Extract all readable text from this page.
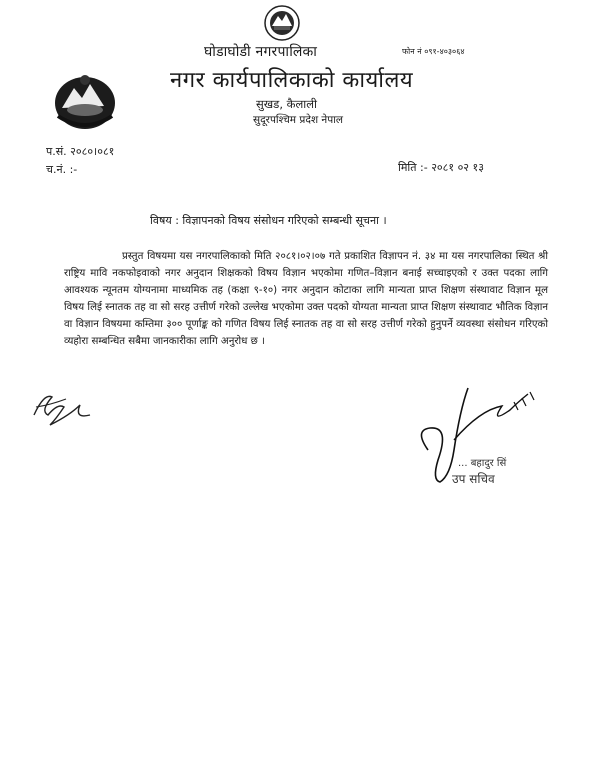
घोडाघोडी नगरपालिका	फोन नं ०९१-४०३०६४
नगर कार्यपालिकाको कार्यालय
सुखड, कैलाली
सुदूरपश्चिम प्रदेश नेपाल
प.सं. २०८०।०८१
च.नं. :-	मिति :- २०८१ ०२ १३
विषय : विज्ञापनको विषय संसोधन गरिएको सम्बन्धी सूचना ।
प्रस्तुत विषयमा यस नगरपालिकाको मिति २०८१।०२।०७ गते प्रकाशित विज्ञापन नं. ३४ मा यस नगरपालिका स्थित श्री राष्ट्रिय मावि नकफोइवाको नगर अनुदान शिक्षकको विषय विज्ञान भएकोमा गणित–विज्ञान बनाई सच्चाइएको र उक्त पदका लागि आवश्यक न्यूनतम योग्यनामा माध्यमिक तह (कक्षा ९-१०) नगर अनुदान कोटाका लागि मान्यता प्राप्त शिक्षण संस्थावाट विज्ञान मूल विषय लिई स्नातक तह वा सो सरह उत्तीर्ण गरेको उल्लेख भएकोमा उक्त पदको योग्यता मान्यता प्राप्त शिक्षण संस्थावाट भौतिक विज्ञान वा विज्ञान विषयमा कम्तिमा ३०० पूर्णाङ्क को गणित विषय लिई स्नातक तह वा सो सरह उत्तीर्ण गरेको हुनुपर्ने व्यवस्था संसोधन गरिएको व्यहोरा सम्बन्धित सबैमा जानकारीका लागि अनुरोध छ ।
... बहादुर सिं
उप सचिव
